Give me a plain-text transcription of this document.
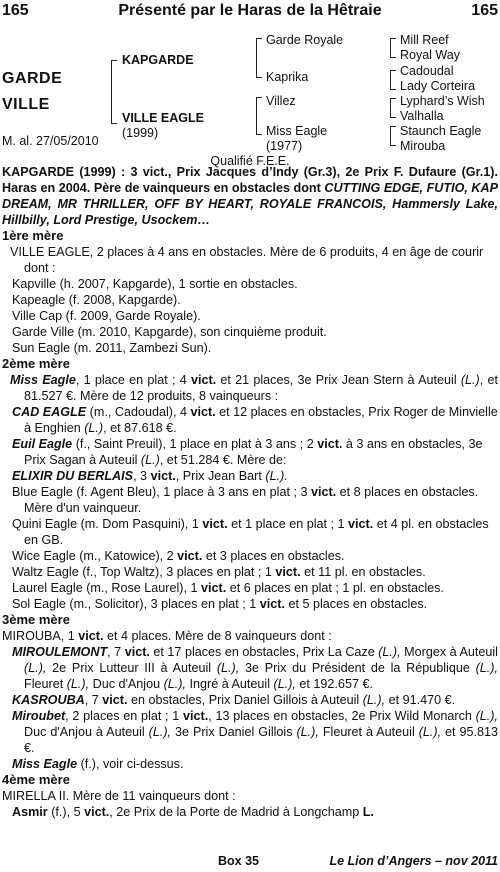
165	Présenté par le Haras de la Hêtraie	165
GARDE
VILLE
M. al. 27/05/2010
KAPGARDE
VILLE EAGLE
(1999)
Garde Royale
Kaprika
Villez
Miss Eagle
(1977)
Mill Reef
Royal Way
Cadoudal
Lady Corteira
Lyphard’s Wish
Valhalla
Staunch Eagle
Mirouba
Qualifié F.E.E.

KAPGARDE (1999) : 3 vict., Prix Jacques d’Indy (Gr.3), 2e Prix F. Dufaure (Gr.1). Haras en 2004. Père de vainqueurs en obstacles dont CUTTING EDGE, FUTIO, KAP DREAM, MR THRILLER, OFF BY HEART, ROYALE FRANCOIS, Hammersly Lake, Hillbilly, Lord Prestige, Usockem…

1ère mère

VILLE EAGLE, 2 places à 4 ans en obstacles. Mère de 6 produits, 4 en âge de courir dont :

Kapville (h. 2007, Kapgarde), 1 sortie en obstacles.

Kapeagle (f. 2008, Kapgarde).

Ville Cap (f. 2009, Garde Royale).

Garde Ville (m. 2010, Kapgarde), son cinquième produit.

Sun Eagle (m. 2011, Zambezi Sun).

2ème mère

Miss Eagle, 1 place en plat ; 4 vict. et 21 places, 3e Prix Jean Stern à Auteuil (L.), et 81.527 €. Mère de 12 produits, 8 vainqueurs :

CAD EAGLE (m., Cadoudal), 4 vict. et 12 places en obstacles, Prix Roger de Minvielle à Enghien (L.), et 87.618 €.

Euil Eagle (f., Saint Preuil), 1 place en plat à 3 ans ; 2 vict. à 3 ans en obstacles, 3e Prix Sagan à Auteuil (L.), et 51.284 €. Mère de:

ELIXIR DU BERLAIS, 3 vict., Prix Jean Bart (L.).

Blue Eagle (f. Agent Bleu), 1 place à 3 ans en plat ; 3 vict. et 8 places en obstacles. Mère d'un vainqueur.

Quini Eagle (m. Dom Pasquini), 1 vict. et 1 place en plat ; 1 vict. et 4 pl. en obstacles en GB.

Wice Eagle (m., Katowice), 2 vict. et 3 places en obstacles.

Waltz Eagle (f., Top Waltz), 3 places en plat ; 1 vict. et 11 pl. en obstacles.

Laurel Eagle (m., Rose Laurel), 1 vict. et 6 places en plat ; 1 pl. en obstacles.

Sol Eagle (m., Solicitor), 3 places en plat ; 1 vict. et 5 places en obstacles.

3ème mère

MIROUBA, 1 vict. et 4 places. Mère de 8 vainqueurs dont :

MIROULEMONT, 7 vict. et 17 places en obstacles, Prix La Caze (L.), Morgex à Auteuil (L.), 2e Prix Lutteur III à Auteuil (L.), 3e Prix du Président de la République (L.), Fleuret (L.), Duc d'Anjou (L.), Ingré à Auteuil (L.), et 192.657 €.

KASROUBA, 7 vict. en obstacles, Prix Daniel Gillois à Auteuil (L.), et 91.470 €.

Miroubet, 2 places en plat ; 1 vict., 13 places en obstacles, 2e Prix Wild Monarch (L.), Duc d'Anjou à Auteuil (L.), 3e Prix Daniel Gillois (L.), Fleuret à Auteuil (L.), et 95.813 €.

Miss Eagle (f.), voir ci-dessus.

4ème mère

MIRELLA II. Mère de 11 vainqueurs dont :

Asmir (f.), 5 vict., 2e Prix de la Porte de Madrid à Longchamp L.

Box 35	Le Lion d’Angers – nov 2011
